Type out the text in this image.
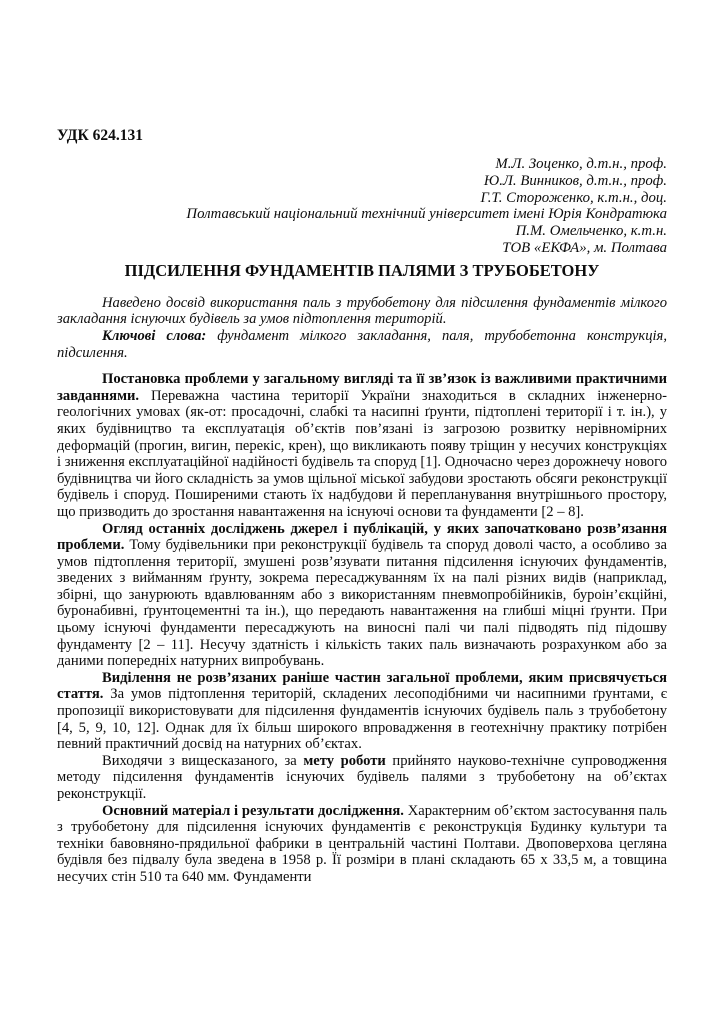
УДК 624.131
М.Л. Зоценко, д.т.н., проф.
Ю.Л. Винников, д.т.н., проф.
Г.Т. Стороженко, к.т.н., доц.
Полтавський національний технічний університет імені Юрія Кондратюка
П.М. Омельченко, к.т.н.
ТОВ «ЕКФА», м. Полтава
ПІДСИЛЕННЯ ФУНДАМЕНТІВ ПАЛЯМИ З ТРУБОБЕТОНУ

Наведено досвід використання паль з трубобетону для підсилення фундаментів мілкого закладання існуючих будівель за умов підтоплення територій.

Ключові слова: фундамент мілкого закладання, паля, трубобетонна конструкція, підсилення.

Постановка проблеми у загальному вигляді та її зв’язок із важливими практичними завданнями. Переважна частина території України знаходиться в складних інженерно-геологічних умовах (як-от: просадочні, слабкі та насипні ґрунти, підтоплені території і т. ін.), у яких будівництво та експлуатація об’єктів пов’язані із загрозою розвитку нерівномірних деформацій (прогин, вигин, перекіс, крен), що викликають появу тріщин у несучих конструкціях і зниження експлуатаційної надійності будівель та споруд [1]. Одночасно через дорожнечу нового будівництва чи його складність за умов щільної міської забудови зростають обсяги реконструкції будівель і споруд. Поширеними стають їх надбудови й перепланування внутрішнього простору, що призводить до зростання навантаження на існуючі основи та фундаменти [2 – 8].

Огляд останніх досліджень джерел і публікацій, у яких започатковано розв’язання проблеми. Тому будівельники при реконструкції будівель та споруд доволі часто, а особливо за умов підтоплення території, змушені розв’язувати питання підсилення існуючих фундаментів, зведених з вийманням ґрунту, зокрема пересаджуванням їх на палі різних видів (наприклад, збірні, що занурюють вдавлюванням або з використанням пневмопробійників, буроін’єкційні, буронабивні, ґрунтоцементні та ін.), що передають навантаження на глибші міцні ґрунти. При цьому існуючі фундаменти пересаджують на виносні палі чи палі підводять під підошву фундаменту [2 – 11]. Несучу здатність і кількість таких паль визначають розрахунком або за даними попередніх натурних випробувань.

Виділення не розв’язаних раніше частин загальної проблеми, яким присвячується стаття. За умов підтоплення територій, складених лесоподібними чи насипними ґрунтами, є пропозиції використовувати для підсилення фундаментів існуючих будівель паль з трубобетону [4, 5, 9, 10, 12]. Однак для їх більш широкого впровадження в геотехнічну практику потрібен певний практичний досвід на натурних об’єктах.

Виходячи з вищесказаного, за мету роботи прийнято науково-технічне супроводження методу підсилення фундаментів існуючих будівель палями з трубобетону на об’єктах реконструкції.

Основний матеріал і результати дослідження. Характерним об’єктом застосування паль з трубобетону для підсилення існуючих фундаментів є реконструкція Будинку культури та техніки бавовняно-прядильної фабрики в центральній частині Полтави. Двоповерхова цегляна будівля без підвалу була зведена в 1958 р. Її розміри в плані складають 65 х 33,5 м, а товщина несучих стін 510 та 640 мм. Фундаменти
